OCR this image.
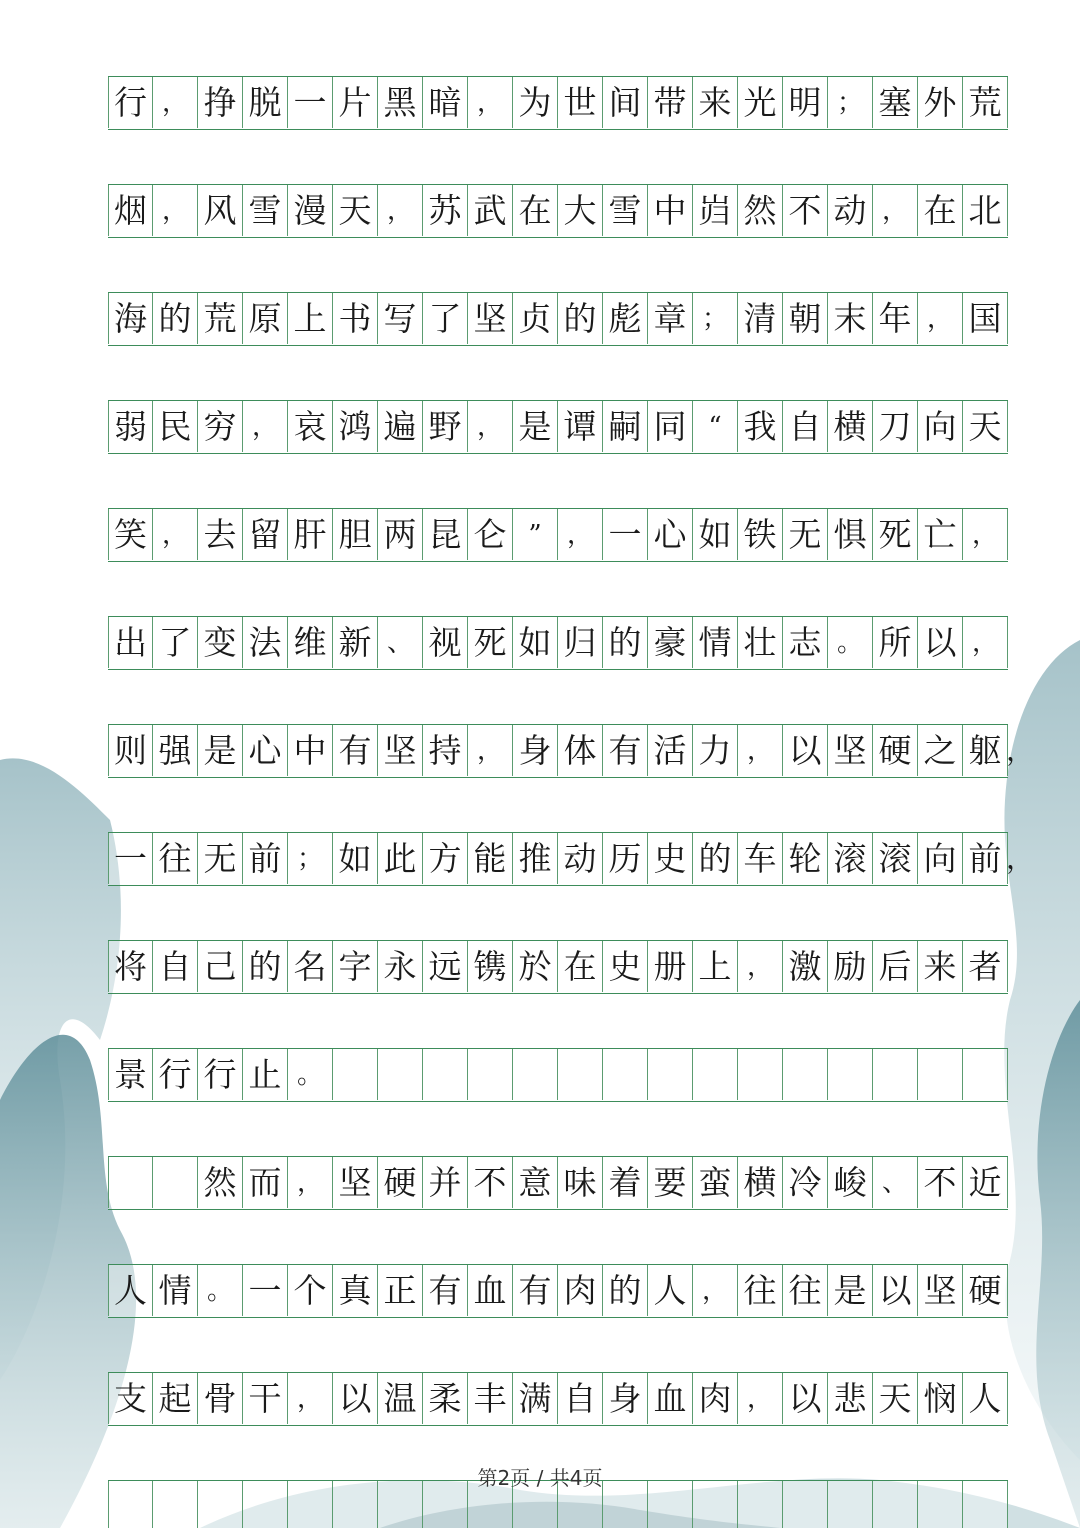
行 ， 挣 脱 一 片 黑 暗 ， 为 世 间 带 来 光 明 ； 塞 外 荒
烟 ， 风 雪 漫 天 ， 苏 武 在 大 雪 中 岿 然 不 动 ， 在 北
海 的 荒 原 上 书 写 了 坚 贞 的 彪 章 ； 清 朝 末 年 ， 国
弱 民 穷 ， 哀 鸿 遍 野 ， 是 谭 嗣 同 “ 我 自 横 刀 向 天
笑 ， 去 留 肝 胆 两 昆 仑 ” ， 一 心 如 铁 无 惧 死 亡 ，
出 了 变 法 维 新 、 视 死 如 归 的 豪 情 壮 志 。 所 以 ，
则 强 是 心 中 有 坚 持 ， 身 体 有 活 力 ， 以 坚 硬 之 躯 ，
一 往 无 前 ； 如 此 方 能 推 动 历 史 的 车 轮 滚 滚 向 前 ，
将 自 己 的 名 字 永 远 镌 於 在 史 册 上 ， 激 励 后 来 者
景 行 行 止 。
然 而 ， 坚 硬 并 不 意 味 着 要 蛮 横 冷 峻 、 不 近
人 情 。 一 个 真 正 有 血 有 肉 的 人 ， 往 往 是 以 坚 硬
支 起 骨 干 ， 以 温 柔 丰 满 自 身 血 肉 ， 以 悲 天 悯 人
第2页 / 共4页
